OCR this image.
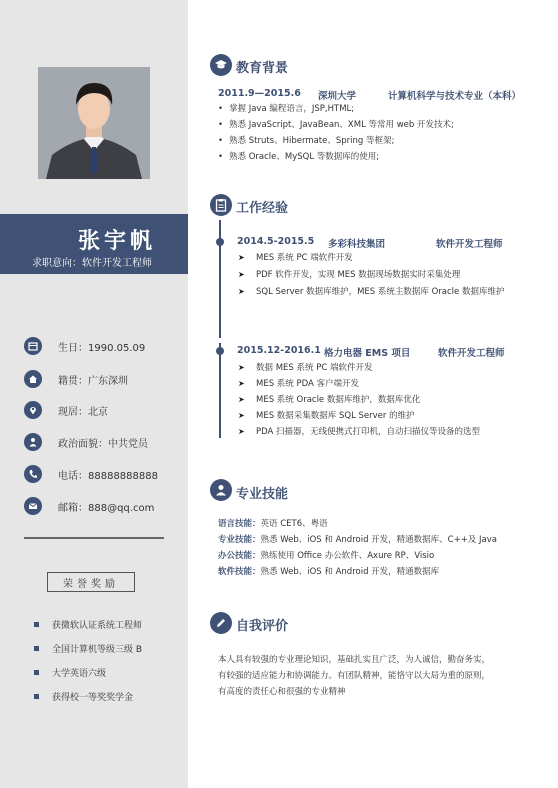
张宇帆
求职意向：软件开发工程师
生日：1990.05.09
籍贯：广东深圳
现居：北京
政治面貌：中共党员
电话：88888888888
邮箱：888@qq.com
荣誉奖励
获微软认证系统工程师
全国计算机等级三级 B
大学英语六级
获得校一等奖奖学金
教育背景
2011.9—2015.6 深圳大学	计算机科学与技术专业（本科）
• 掌握 Java 编程语言，JSP,HTML;
• 熟悉 JavaScript、JavaBean、XML 等常用 web 开发技术;
• 熟悉 Struts、Hibermate、Spring 等框架;
• 熟悉 Oracle、MySQL 等数据库的使用;
工作经验
2014.5-2015.5 多彩科技集团	软件开发工程师
➤ MES 系统 PC 端软件开发
➤ PDF 软件开发，实现 MES 数据现场数据实时采集处理
➤ SQL Server 数据库维护，MES 系统主数据库 Oracle 数据库维护
2015.12-2016.1 格力电器 EMS 项目	软件开发工程师
➤ 数据 MES 系统 PC 端软件开发
➤ MES 系统 PDA 客户端开发
➤ MES 系统 Oracle 数据库维护，数据库优化
➤ MES 数据采集数据库 SQL Server 的维护
➤ PDA 扫描器，无线便携式打印机，自动扫描仪等设备的选型
专业技能
语言技能：英语 CET6、粤语
专业技能：熟悉 Web、iOS 和 Android 开发，精通数据库、C++及 Java
办公技能：熟练使用 Office 办公软件、Axure RP、Visio
软件技能：熟悉 Web、iOS 和 Android 开发，精通数据库
自我评价
本人具有较强的专业理论知识，基础扎实且广泛，为人诚信，勤奋务实，
有较强的适应能力和协调能力。有团队精神，能恪守以大局为重的原则，
有高度的责任心和很强的专业精神
